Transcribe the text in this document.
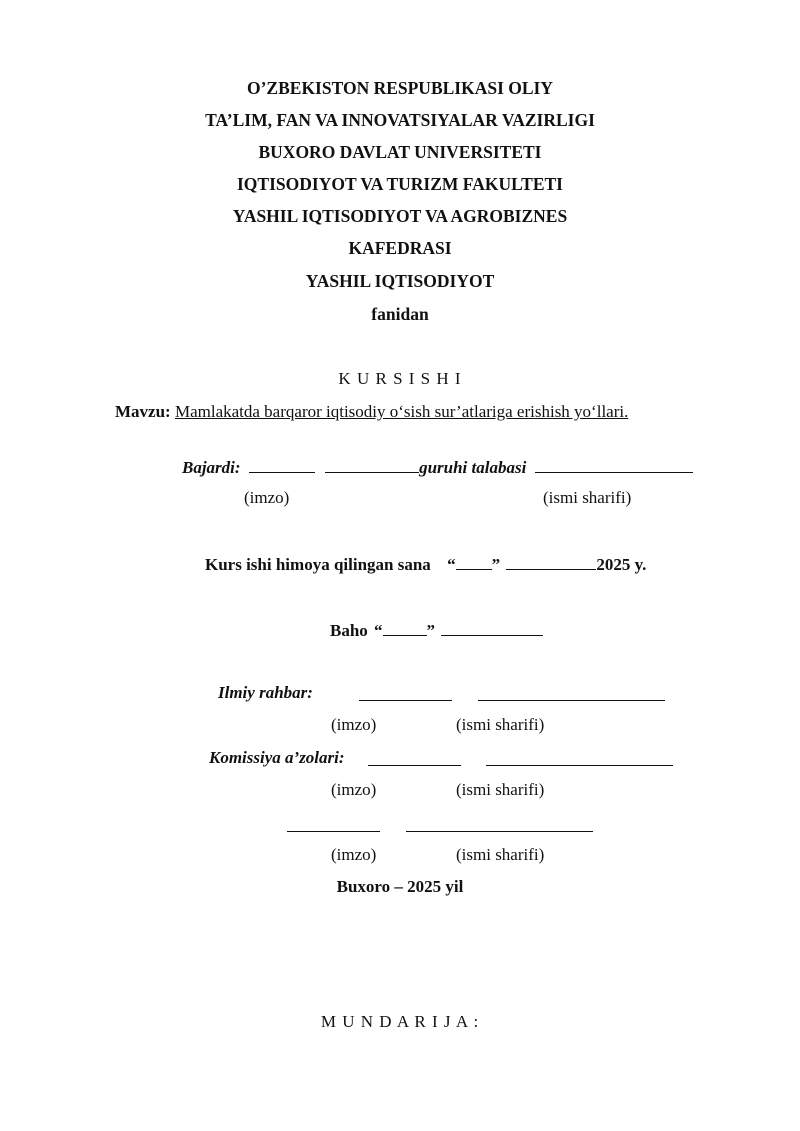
O’ZBEKISTON RESPUBLIKASI OLIY
TA’LIM, FAN VA INNOVATSIYALAR VAZIRLIGI
BUXORO DAVLAT UNIVERSITETI
IQTISODIYOT VA TURIZM FAKULTETI
YASHIL IQTISODIYOT VA AGROBIZNES
KAFEDRASI
YASHIL IQTISODIYOT
fanidan
K U R S I S H I
Mavzu: Mamlakatda barqaror iqtisodiy o‘sish sur’atlariga erishish yo‘llari.
Bajardi:	guruhi talabasi
(imzo)	(ismi sharifi)
Kurs ishi himoya qilingan sana “ ”	2025 y.
Baho “	”
Ilmiy rahbar:
(imzo)	(ismi sharifi)
Komissiya a’zolari:
(imzo)	(ismi sharifi)
(imzo)	(ismi sharifi)
Buxoro – 2025 yil
M U N D A R I J A :
